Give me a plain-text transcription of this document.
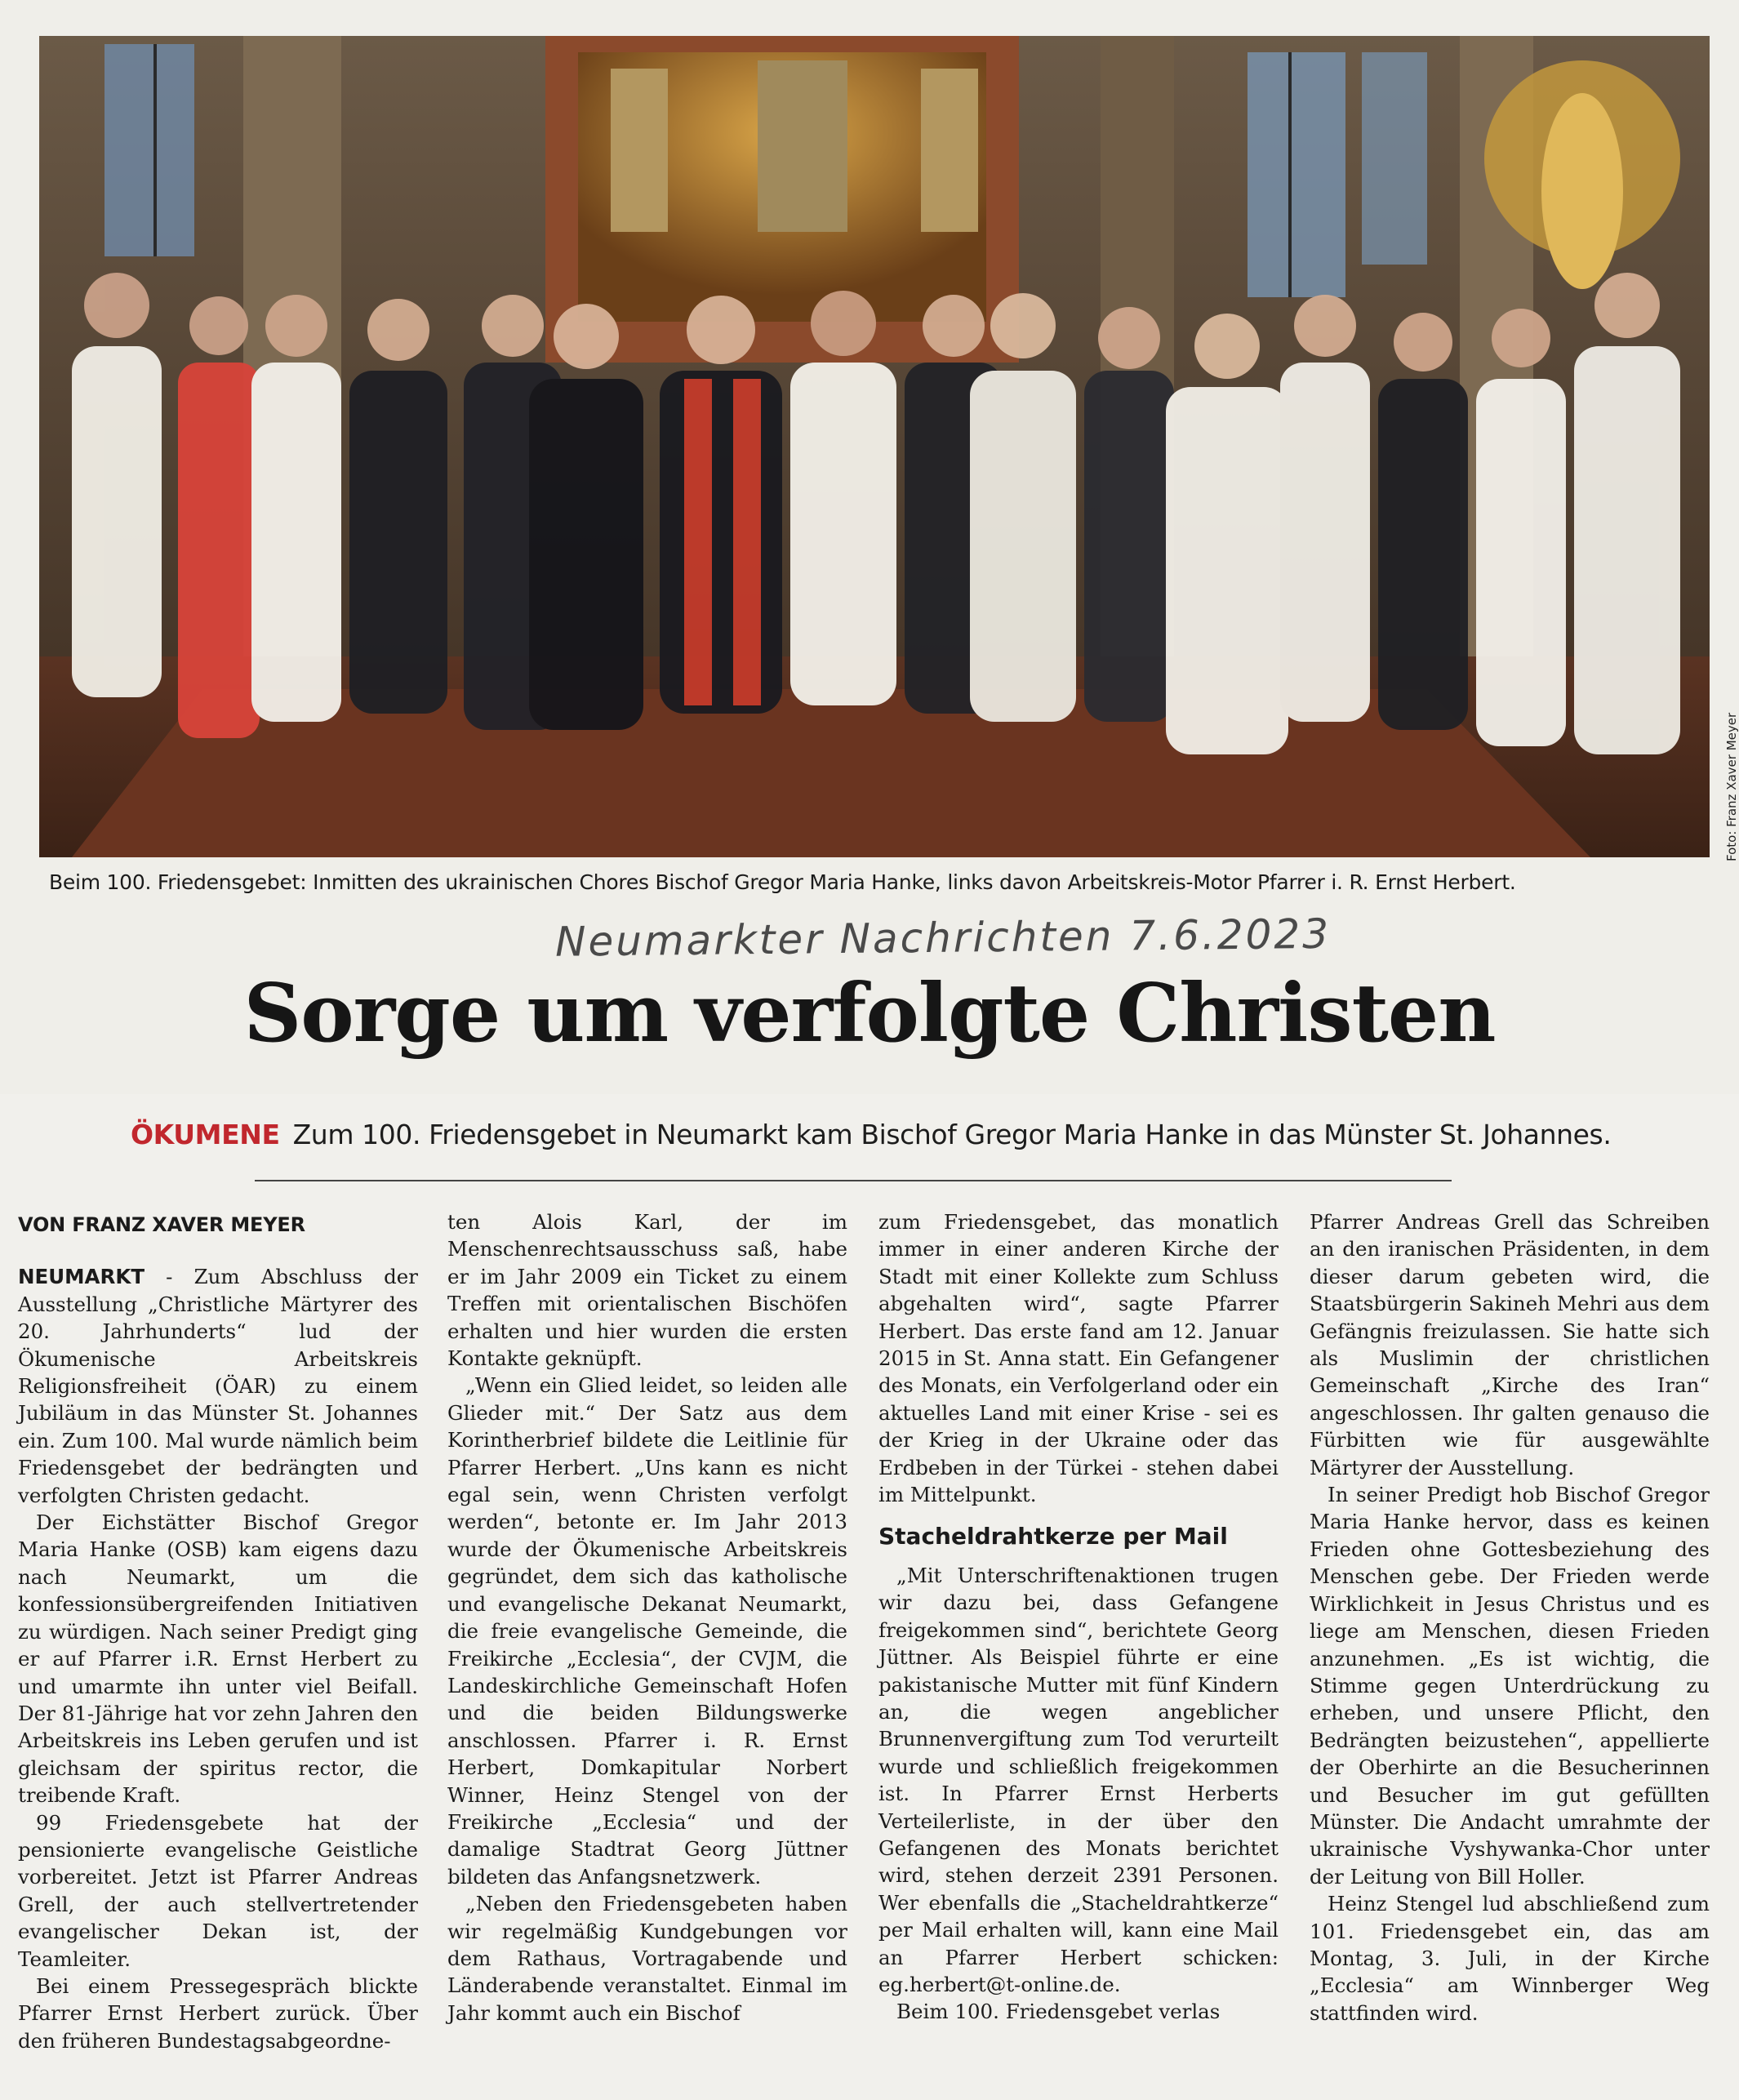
Foto: Franz Xaver Meyer
Beim 100. Friedensgebet: Inmitten des ukrainischen Chores Bischof Gregor Maria Hanke, links davon Arbeitskreis-Motor Pfarrer i. R. Ernst Herbert.
Neumarkter Nachrichten 7.6.2023
Sorge um verfolgte Christen
ÖKUMENE Zum 100. Friedensgebet in Neumarkt kam Bischof Gregor Maria Hanke in das Münster St. Johannes.
VON FRANZ XAVER MEYER

NEUMARKT - Zum Abschluss der Ausstellung „Christliche Märtyrer des 20. Jahrhunderts“ lud der Ökumenische Arbeitskreis Religionsfreiheit (ÖAR) zu einem Jubiläum in das Münster St. Johannes ein. Zum 100. Mal wurde nämlich beim Friedensgebet der bedrängten und verfolgten Christen gedacht.

Der Eichstätter Bischof Gregor Maria Hanke (OSB) kam eigens dazu nach Neumarkt, um die konfessionsübergreifenden Initiativen zu würdigen. Nach seiner Predigt ging er auf Pfarrer i.R. Ernst Herbert zu und umarmte ihn unter viel Beifall. Der 81-Jährige hat vor zehn Jahren den Arbeitskreis ins Leben gerufen und ist gleichsam der spiritus rector, die treibende Kraft.

99 Friedensgebete hat der pensionierte evangelische Geistliche vorbereitet. Jetzt ist Pfarrer Andreas Grell, der auch stellvertretender evangelischer Dekan ist, der Teamleiter.

Bei einem Pressegespräch blickte Pfarrer Ernst Herbert zurück. Über den früheren Bundestagsabgeordne-

ten Alois Karl, der im Menschenrechtsausschuss saß, habe er im Jahr 2009 ein Ticket zu einem Treffen mit orientalischen Bischöfen erhalten und hier wurden die ersten Kontakte geknüpft.

„Wenn ein Glied leidet, so leiden alle Glieder mit.“ Der Satz aus dem Korintherbrief bildete die Leitlinie für Pfarrer Herbert. „Uns kann es nicht egal sein, wenn Christen verfolgt werden“, betonte er. Im Jahr 2013 wurde der Ökumenische Arbeitskreis gegründet, dem sich das katholische und evangelische Dekanat Neumarkt, die freie evangelische Gemeinde, die Freikirche „Ecclesia“, der CVJM, die Landeskirchliche Gemeinschaft Hofen und die beiden Bildungswerke anschlossen. Pfarrer i. R. Ernst Herbert, Domkapitular Norbert Winner, Heinz Stengel von der Freikirche „Ecclesia“ und der damalige Stadtrat Georg Jüttner bildeten das Anfangsnetzwerk.

„Neben den Friedensgebeten haben wir regelmäßig Kundgebungen vor dem Rathaus, Vortragabende und Länderabende veranstaltet. Einmal im Jahr kommt auch ein Bischof

zum Friedensgebet, das monatlich immer in einer anderen Kirche der Stadt mit einer Kollekte zum Schluss abgehalten wird“, sagte Pfarrer Herbert. Das erste fand am 12. Januar 2015 in St. Anna statt. Ein Gefangener des Monats, ein Verfolgerland oder ein aktuelles Land mit einer Krise - sei es der Krieg in der Ukraine oder das Erdbeben in der Türkei - stehen dabei im Mittelpunkt.

Stacheldrahtkerze per Mail

„Mit Unterschriftenaktionen trugen wir dazu bei, dass Gefangene freigekommen sind“, berichtete Georg Jüttner. Als Beispiel führte er eine pakistanische Mutter mit fünf Kindern an, die wegen angeblicher Brunnenvergiftung zum Tod verurteilt wurde und schließlich freigekommen ist. In Pfarrer Ernst Herberts Verteilerliste, in der über den Gefangenen des Monats berichtet wird, stehen derzeit 2391 Personen. Wer ebenfalls die „Stacheldrahtkerze“ per Mail erhalten will, kann eine Mail an Pfarrer Herbert schicken: eg.herbert@t-online.de.

Beim 100. Friedensgebet verlas

Pfarrer Andreas Grell das Schreiben an den iranischen Präsidenten, in dem dieser darum gebeten wird, die Staatsbürgerin Sakineh Mehri aus dem Gefängnis freizulassen. Sie hatte sich als Muslimin der christlichen Gemeinschaft „Kirche des Iran“ angeschlossen. Ihr galten genauso die Fürbitten wie für ausgewählte Märtyrer der Ausstellung.

In seiner Predigt hob Bischof Gregor Maria Hanke hervor, dass es keinen Frieden ohne Gottesbeziehung des Menschen gebe. Der Frieden werde Wirklichkeit in Jesus Christus und es liege am Menschen, diesen Frieden anzunehmen. „Es ist wichtig, die Stimme gegen Unterdrückung zu erheben, und unsere Pflicht, den Bedrängten beizustehen“, appellierte der Oberhirte an die Besucherinnen und Besucher im gut gefüllten Münster. Die Andacht umrahmte der ukrainische Vyshywanka-Chor unter der Leitung von Bill Holler.

Heinz Stengel lud abschließend zum 101. Friedensgebet ein, das am Montag, 3. Juli, in der Kirche „Ecclesia“ am Winnberger Weg stattfinden wird.
